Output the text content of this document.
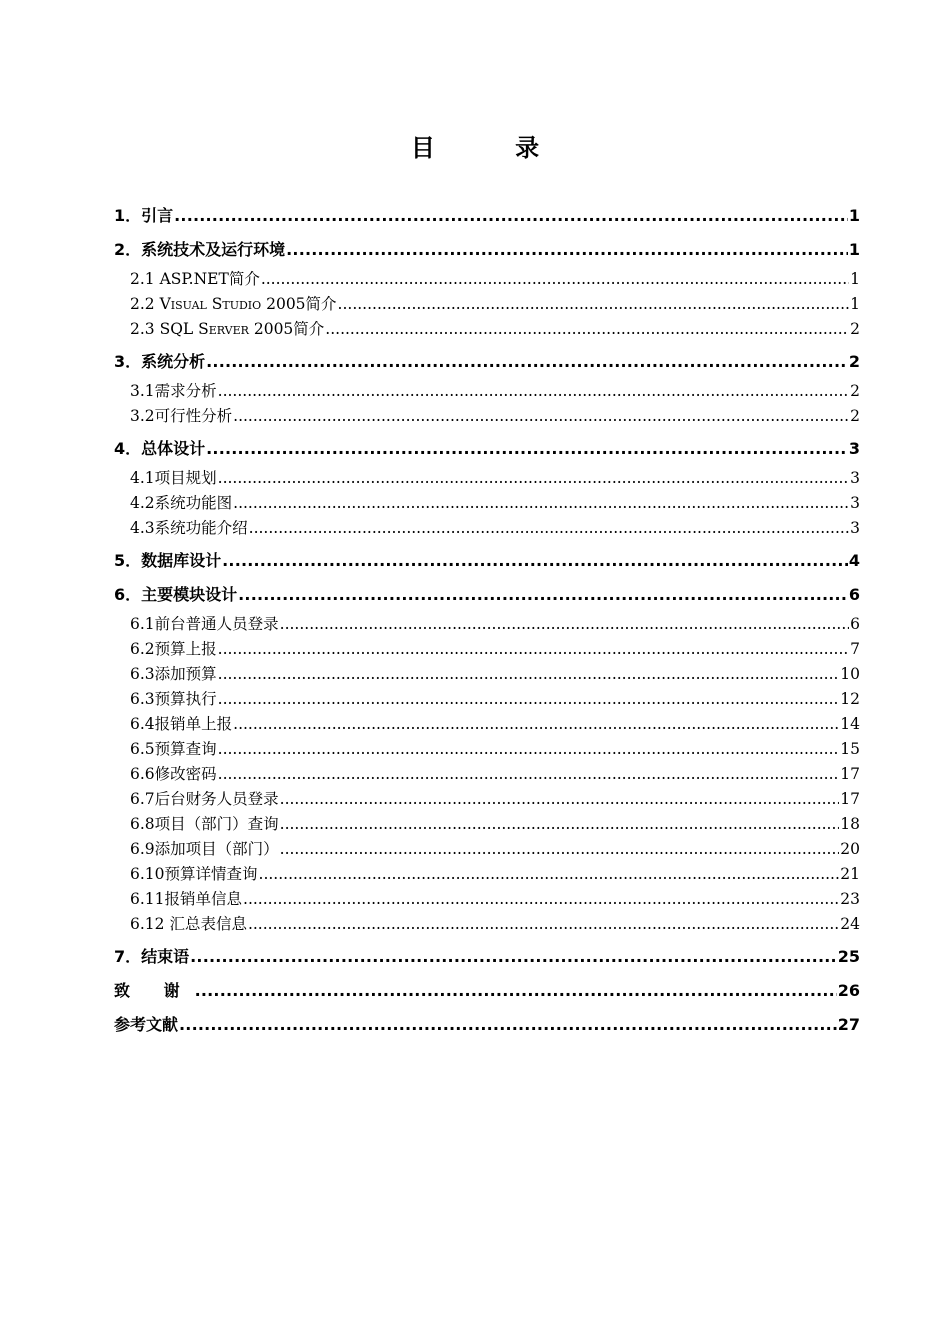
目 录
1．引言 .....	1
2．系统技术及运行环境 .....	1
2.1 ASP.NET简介 .....	1
2.2 Visual Studio 2005简介 .....	1
2.3 SQL Server 2005简介 .....	2
3．系统分析 .....	2
3.1需求分析 .....	2
3.2可行性分析 .....	2
4．总体设计 .....	3
4.1项目规划 .....	3
4.2系统功能图 .....	3
4.3系统功能介绍 .....	3
5．数据库设计 .....	4
6．主要模块设计 .....	6
6.1前台普通人员登录 .....	6
6.2预算上报 .....	7
6.3添加预算 .....	10
6.3预算执行 .....	12
6.4报销单上报 .....	14
6.5预算查询 .....	15
6.6修改密码 .....	17
6.7后台财务人员登录 .....	17
6.8项目（部门）查询 .....	18
6.9添加项目（部门） .....	20
6.10预算详情查询 .....	21
6.11报销单信息 .....	23
6.12 汇总表信息 .....	24
7．结束语 .....	25
致 谢 .....	26
参考文献 .....	27
